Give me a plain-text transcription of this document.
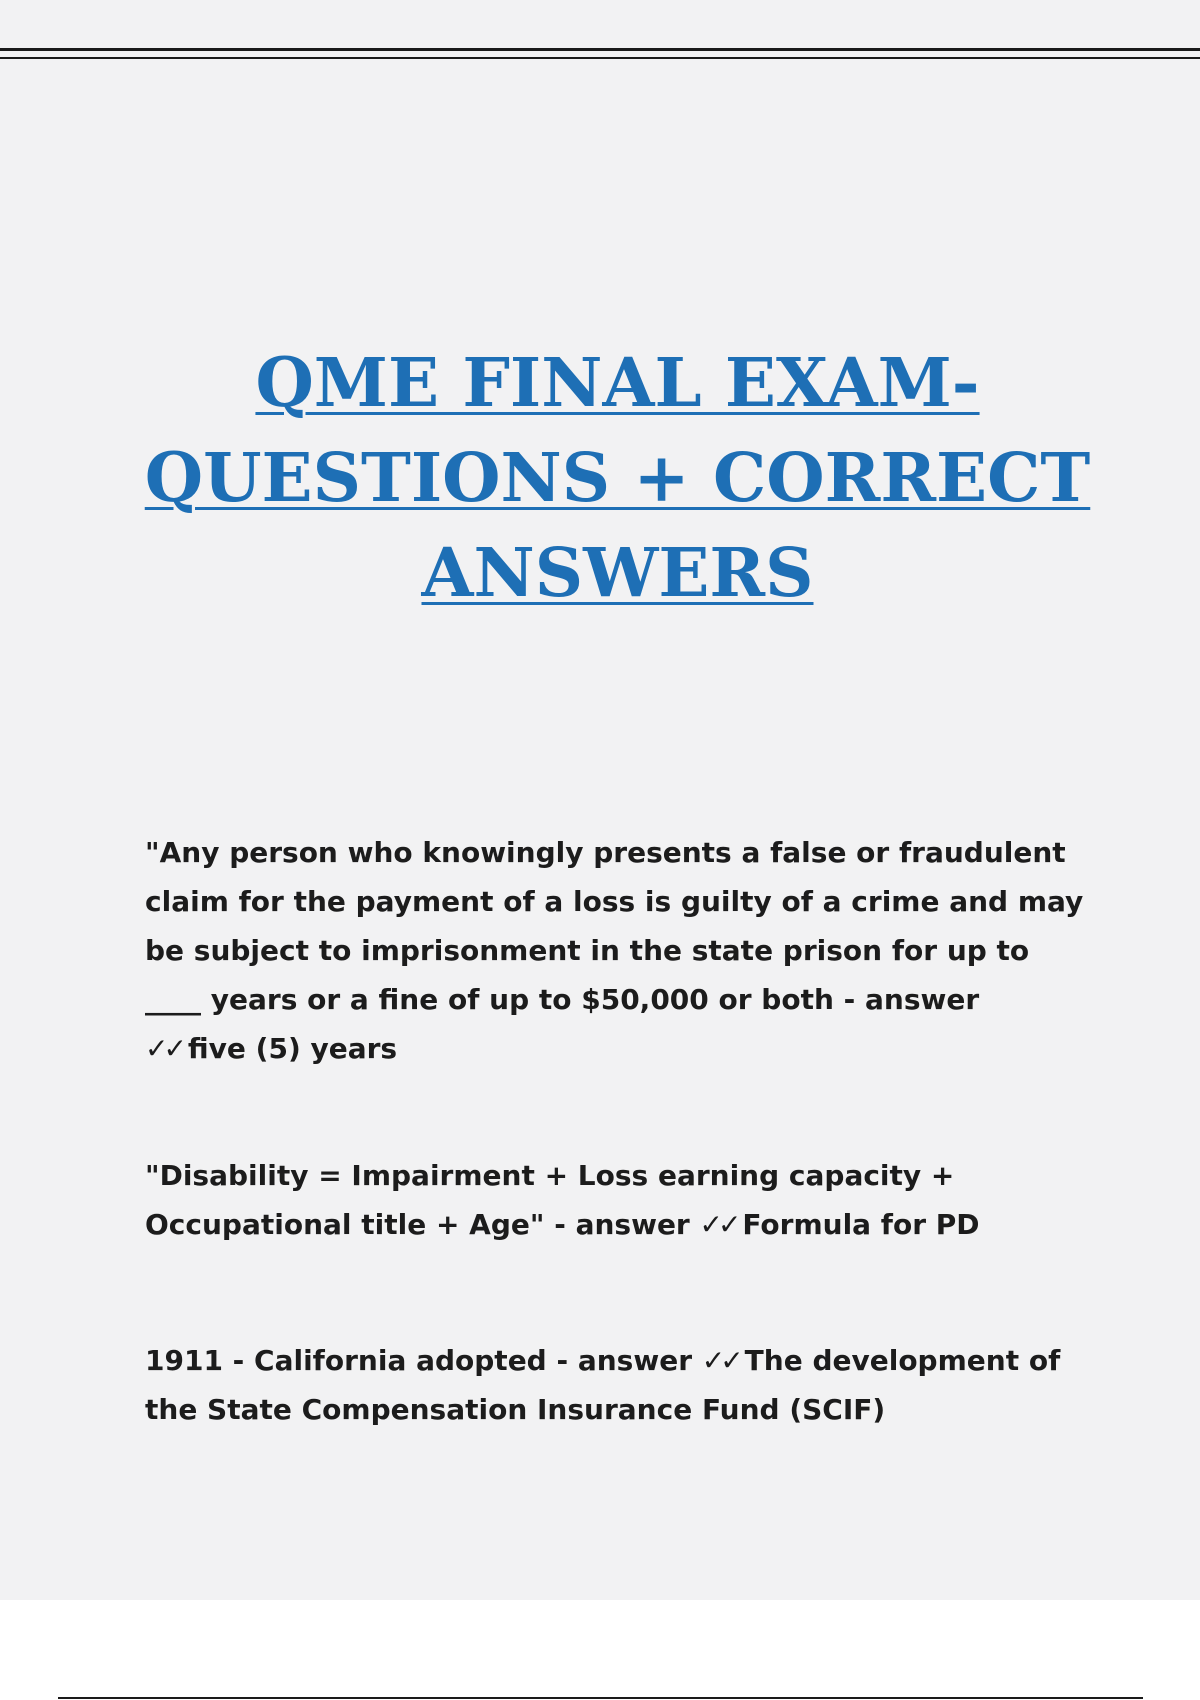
QME FINAL EXAM-
QUESTIONS + CORRECT
ANSWERS

"Any person who knowingly presents a false or fraudulent claim for the payment of a loss is guilty of a crime and may be subject to imprisonment in the state prison for up to ____ years or a fine of up to $50,000 or both - answer ✓✓ five (5) years

"Disability = Impairment + Loss earning capacity + Occupational title + Age" - answer ✓✓ Formula for PD

1911 - California adopted - answer ✓✓ The development of the State Compensation Insurance Fund (SCIF)
